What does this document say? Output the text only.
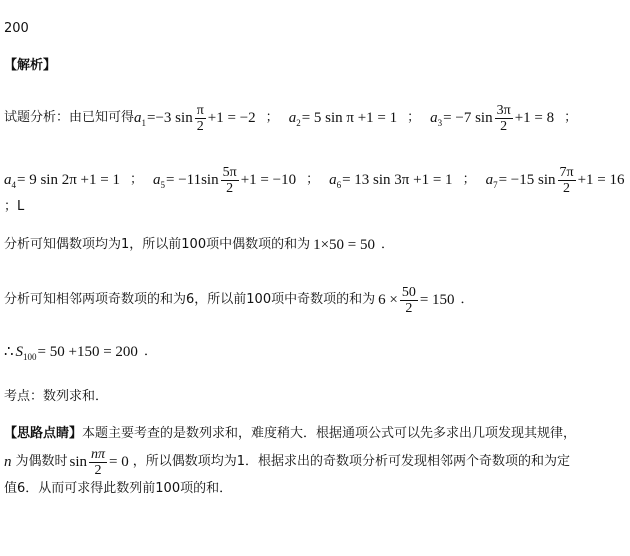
200
【解析】
试题分析：由已知可得 a 1 =−3 $\sin \frac{\pi}{2} +1 = -2$ ； a 2 = 5 sin π +1 = 1 ； a 3 = −7 $\sin \frac{3\pi}{2} +1 = 8$ ；
a 4 = 9 sin 2π +1 = 1 ； a $5 = -11\sin \frac{5\pi}{2} +1 = -10$ ； a 6 = 13 sin 3π +1 = 1 ； a 7 = −15 $\sin \frac{7\pi}{2} +1 = 16$
；L
分析可知偶数项均为1，所以前100项中偶数项的和为 1×50 = 50 ．
分析可知相邻两项奇数项的和为6，所以前100项中奇数项的和为 $6 \times \frac{50}{2} = 150$ ．
∴ S 100 = 50 +150 = 200 ．
考点：数列求和．
【思路点睛】本题主要考查的是数列求和，难度稍大．根据通项公式可以先多求出几项发现其规律，
n 为偶数时 $\sin \frac{n\pi}{2} = 0$ ，所以偶数项均为1．根据求出的奇数项分析可发现相邻两个奇数项的和为定
值6．从而可求得此数列前100项的和．
